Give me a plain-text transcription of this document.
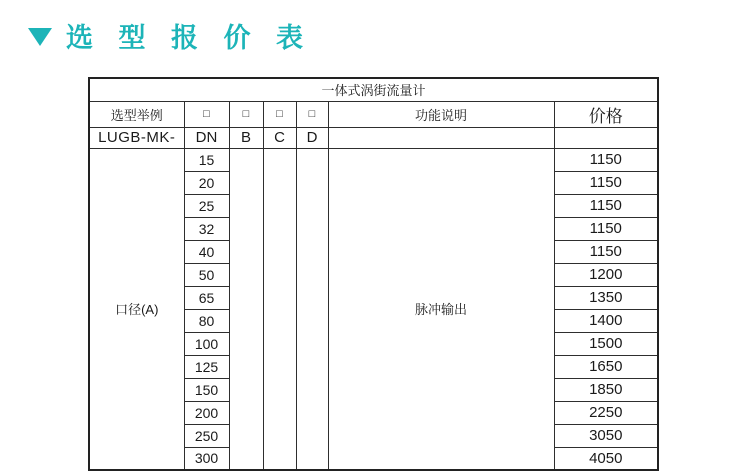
选 型 报 价 表
一体式涡街流量计						
选型举例	□	□	□	□	功能说明	价格
LUGB-MK-	DN	B	C	D		
口径(A)	15				脉冲输出	1150
	20					1150
	25					1150
	32					1150
	40					1150
	50					1200
	65					1350
	80					1400
	100					1500
	125					1650
	150					1850
	200					2250
	250					3050
	300					4050
